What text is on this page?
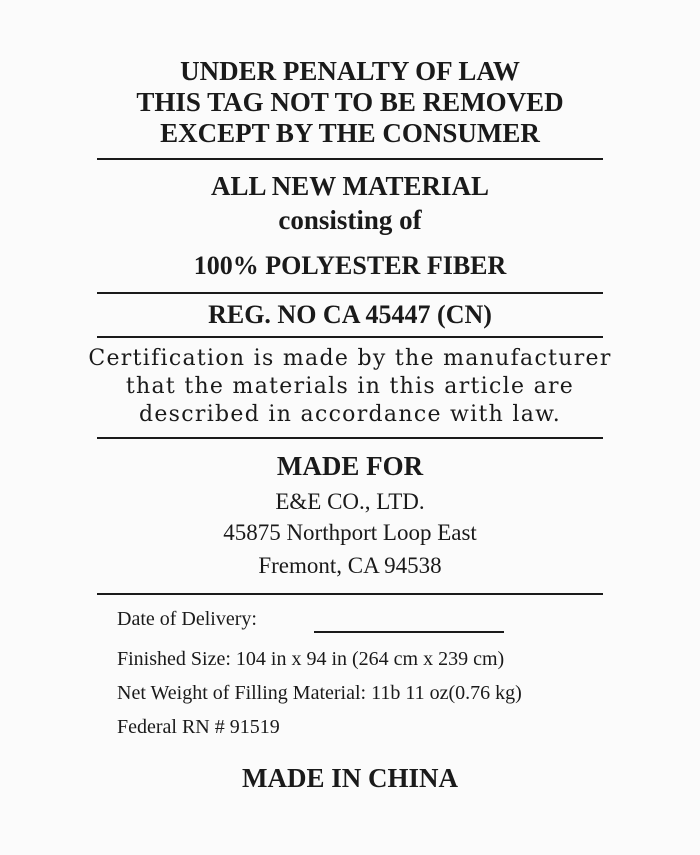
UNDER PENALTY OF LAW
THIS TAG NOT TO BE REMOVED
EXCEPT BY THE CONSUMER
ALL NEW MATERIAL
consisting of
100% POLYESTER FIBER
REG. NO CA 45447 (CN)
Certification is made by the manufacturer
that the materials in this article are
described in accordance with law.
MADE FOR
E&E CO., LTD.
45875 Northport Loop East
Fremont, CA 94538
Date of Delivery:
Finished Size: 104 in x 94 in (264 cm x 239 cm)
Net Weight of Filling Material: 11b 11 oz(0.76 kg)
Federal RN # 91519
MADE IN CHINA
